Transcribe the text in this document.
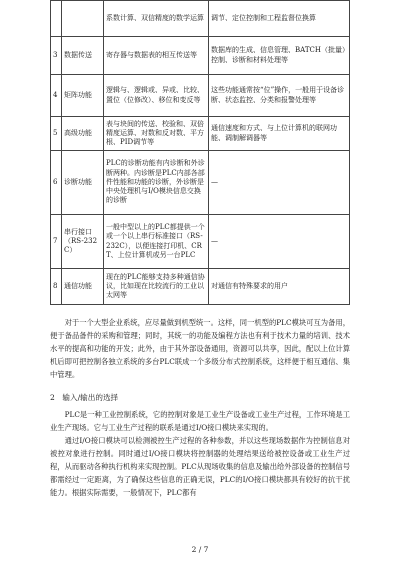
		系数计算、双信精度的数学运算	调节、定位控制和工程监督位换算
3	数据传送	寄存器与数据表的相互传送等	数据库的生成、信息管理、BATCH（批量）控制、诊断和材料处理等
4	矩阵功能	逻辑与、逻辑或、异或、比较、置位（位修改）、移位和变反等	这些功能通常按“位”操作，一般用于设备诊断、状态监控、分类和报警处理等
5	高级功能	表与块间的传送、校验和、双倍精度运算、对数和反对数、平方根、PID调节等	通信速度和方式、与上位计算机的联网功能、调制解调器等
6	诊断功能	PLC的诊断功能有内诊断和外诊断两种。内诊断是PLC内部各部件性能和功能的诊断，外诊断是中央处理机与I/O模块信息交换的诊断	—
7	串行接口（RS-232C）	一般中型以上的PLC都提供一个或一个以上串行标准接口（RS-232C），以便连接打印机、CRT、上位计算机或另一台PLC	—
8	通信功能	现在的PLC能够支持多种通信协议，比如现在比较流行的工业以太网等	对通信有特殊要求的用户

对于一个大型企业系统，应尽量做到机型统一。这样，同一机型的PLC模块可互为备用，便于备品备件的采购和管理；同时，其统一的功能及编程方法也有利于技术力量的培训、技术水平的提高和功能的开发；此外，由于其外部设备通用，资源可以共享，因此，配以上位计算机后即可把控制各独立系统的多台PLC联成一个多级分布式控制系统，这样便于相互通信、集中管理。

2　输入/输出的选择

PLC是一种工业控制系统，它的控制对象是工业生产设备或工业生产过程，工作环境是工业生产现场。它与工业生产过程的联系是通过I/O接口模块来实现的。

通过I/O接口模块可以检测被控生产过程的各种参数，并以这些现场数据作为控制信息对被控对象进行控制。同时通过I/O接口模块将控制器的处理结果送给被控设备或工业生产过程，从而驱动各种执行机构来实现控制。PLC从现场收集的信息及输出给外部设备的控制信号都需经过一定距离，为了确保这些信息的正确无误，PLC的I/O接口模块都具有较好的抗干扰能力。根据实际需要，一般情况下，PLC都有

2 / 7
